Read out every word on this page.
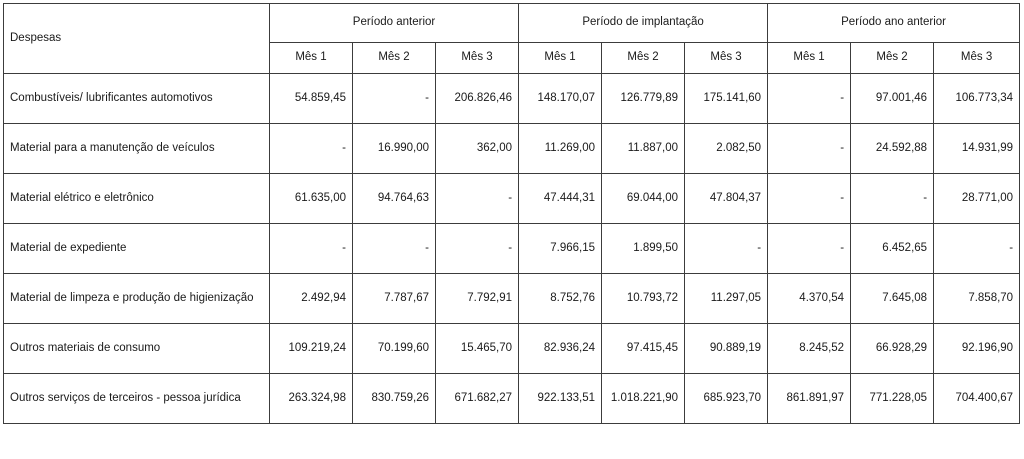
Despesas	Período anterior			Período de implantação			Período ano anterior		
	Mês 1	Mês 2	Mês 3	Mês 1	Mês 2	Mês 3	Mês 1	Mês 2	Mês 3
Combustíveis/ lubrificantes automotivos	54.859,45	-	206.826,46	148.170,07	126.779,89	175.141,60	-	97.001,46	106.773,34
Material para a manutenção de veículos	-	16.990,00	362,00	11.269,00	11.887,00	2.082,50	-	24.592,88	14.931,99
Material elétrico e eletrônico	61.635,00	94.764,63	-	47.444,31	69.044,00	47.804,37	-	-	28.771,00
Material de expediente	-	-	-	7.966,15	1.899,50	-	-	6.452,65	-
Material de limpeza e produção de higienização	2.492,94	7.787,67	7.792,91	8.752,76	10.793,72	11.297,05	4.370,54	7.645,08	7.858,70
Outros materiais de consumo	109.219,24	70.199,60	15.465,70	82.936,24	97.415,45	90.889,19	8.245,52	66.928,29	92.196,90
Outros serviços de terceiros - pessoa jurídica	263.324,98	830.759,26	671.682,27	922.133,51	1.018.221,90	685.923,70	861.891,97	771.228,05	704.400,67
